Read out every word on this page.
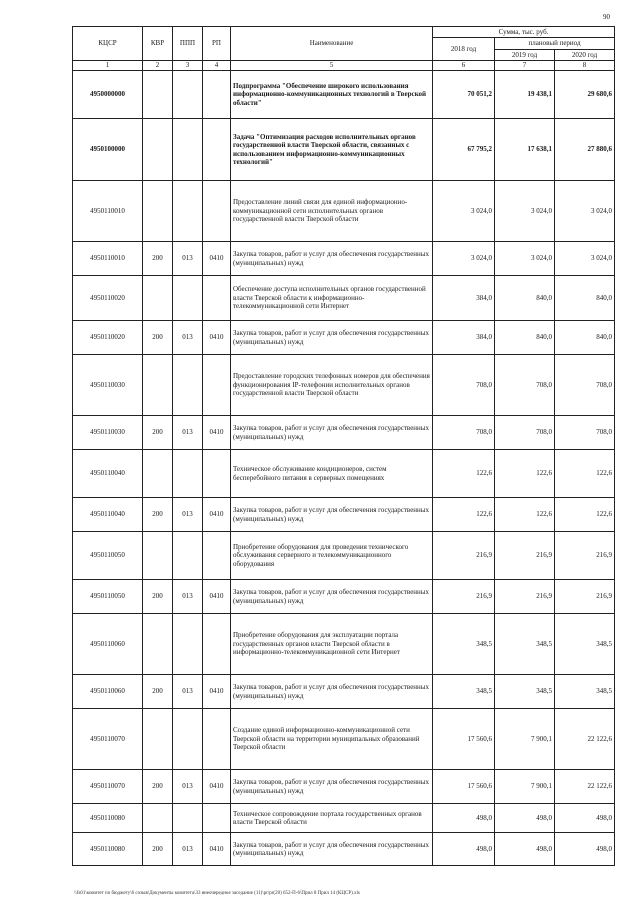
90
КЦСР	КВР	ППП	РП	Наименование	Сумма, тыс. руб.		
					2018 год	плановый период	
						2019 год	2020 год
1	2	3	4	5	6	7	8
4950000000				Подпрограмма "Обеспечение широкого использования информационно-коммуникационных технологий в Тверской области"	70 051,2	19 438,1	29 680,6
4950100000				Задача "Оптимизация расходов исполнительных органов государственной власти Тверской области, связанных с использованием информационно-коммуникационных технологий"	67 795,2	17 638,1	27 880,6
4950110010				Предоставление линий связи для единой информационно-коммуникационной сети исполнительных органов государственной власти Тверской области	3 024,0	3 024,0	3 024,0
4950110010	200	013	0410	Закупка товаров, работ и услуг для обеспечения государственных (муниципальных) нужд	3 024,0	3 024,0	3 024,0
4950110020				Обеспечение доступа исполнительных органов государственной власти Тверской области к информационно-телекоммуникационной сети Интернет	384,0	840,0	840,0
4950110020	200	013	0410	Закупка товаров, работ и услуг для обеспечения государственных (муниципальных) нужд	384,0	840,0	840,0
4950110030				Предоставление городских телефонных номеров для обеспечения функционирования IP-телефонии исполнительных органов государственной власти Тверской области	708,0	708,0	708,0
4950110030	200	013	0410	Закупка товаров, работ и услуг для обеспечения государственных (муниципальных) нужд	708,0	708,0	708,0
4950110040				Техническое обслуживание кондиционеров, систем бесперебойного питания в серверных помещениях	122,6	122,6	122,6
4950110040	200	013	0410	Закупка товаров, работ и услуг для обеспечения государственных (муниципальных) нужд	122,6	122,6	122,6
4950110050				Приобретение оборудования для проведения технического обслуживания серверного и телекоммуникационного оборудования	216,9	216,9	216,9
4950110050	200	013	0410	Закупка товаров, работ и услуг для обеспечения государственных (муниципальных) нужд	216,9	216,9	216,9
4950110060				Приобретение оборудования для эксплуатации портала государственных органов власти Тверской области в информационно-телекоммуникационной сети Интернет	348,5	348,5	348,5
4950110060	200	013	0410	Закупка товаров, работ и услуг для обеспечения государственных (муниципальных) нужд	348,5	348,5	348,5
4950110070				Создание единой информационно-коммуникационной сети Тверской области на территории муниципальных образований Тверской области	17 560,6	7 900,1	22 122,6
4950110070	200	013	0410	Закупка товаров, работ и услуг для обеспечения государственных (муниципальных) нужд	17 560,6	7 900,1	22 122,6
4950110080				Техническое сопровождение портала государственных органов власти Тверской области	498,0	498,0	498,0
4950110080	200	013	0410	Закупка товаров, работ и услуг для обеспечения государственных (муниципальных) нужд	498,0	498,0	498,0
\\fs01\комитет по бюджету\6 созыв\Документы комитета\33 внеочередное заседание (11)\pr\pr(20) 652-П-6\Прил 8 Прил 14 (КЦСР).xls
